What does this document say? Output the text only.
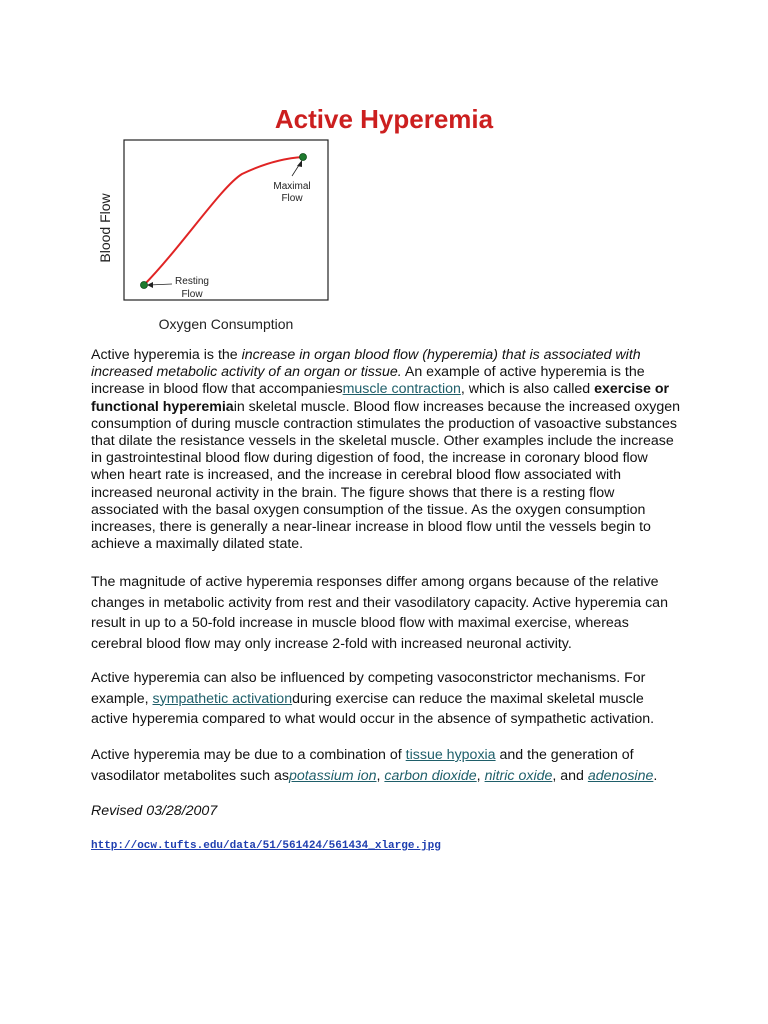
Active Hyperemia
Maximal
Flow
Resting
Flow
Blood Flow
Oxygen Consumption

Active hyperemia is the increase in organ blood flow (hyperemia) that is associated with increased metabolic activity of an organ or tissue. An example of active hyperemia is the increase in blood flow that accompaniesmuscle contraction, which is also called exercise or functional hyperemiain skeletal muscle. Blood flow increases because the increased oxygen consumption of during muscle contraction stimulates the production of vasoactive substances that dilate the resistance vessels in the skeletal muscle. Other examples include the increase in gastrointestinal blood flow during digestion of food, the increase in coronary blood flow when heart rate is increased, and the increase in cerebral blood flow associated with increased neuronal activity in the brain. The figure shows that there is a resting flow associated with the basal oxygen consumption of the tissue. As the oxygen consumption increases, there is generally a near-linear increase in blood flow until the vessels begin to achieve a maximally dilated state.

The magnitude of active hyperemia responses differ among organs because of the relative changes in metabolic activity from rest and their vasodilatory capacity. Active hyperemia can result in up to a 50-fold increase in muscle blood flow with maximal exercise, whereas cerebral blood flow may only increase 2-fold with increased neuronal activity.

Active hyperemia can also be influenced by competing vasoconstrictor mechanisms. For example, sympathetic activationduring exercise can reduce the maximal skeletal muscle active hyperemia compared to what would occur in the absence of sympathetic activation.

Active hyperemia may be due to a combination of tissue hypoxia and the generation of vasodilator metabolites such aspotassium ion, carbon dioxide, nitric oxide, and adenosine.

Revised 03/28/2007

http://ocw.tufts.edu/data/51/561424/561434_xlarge.jpg
